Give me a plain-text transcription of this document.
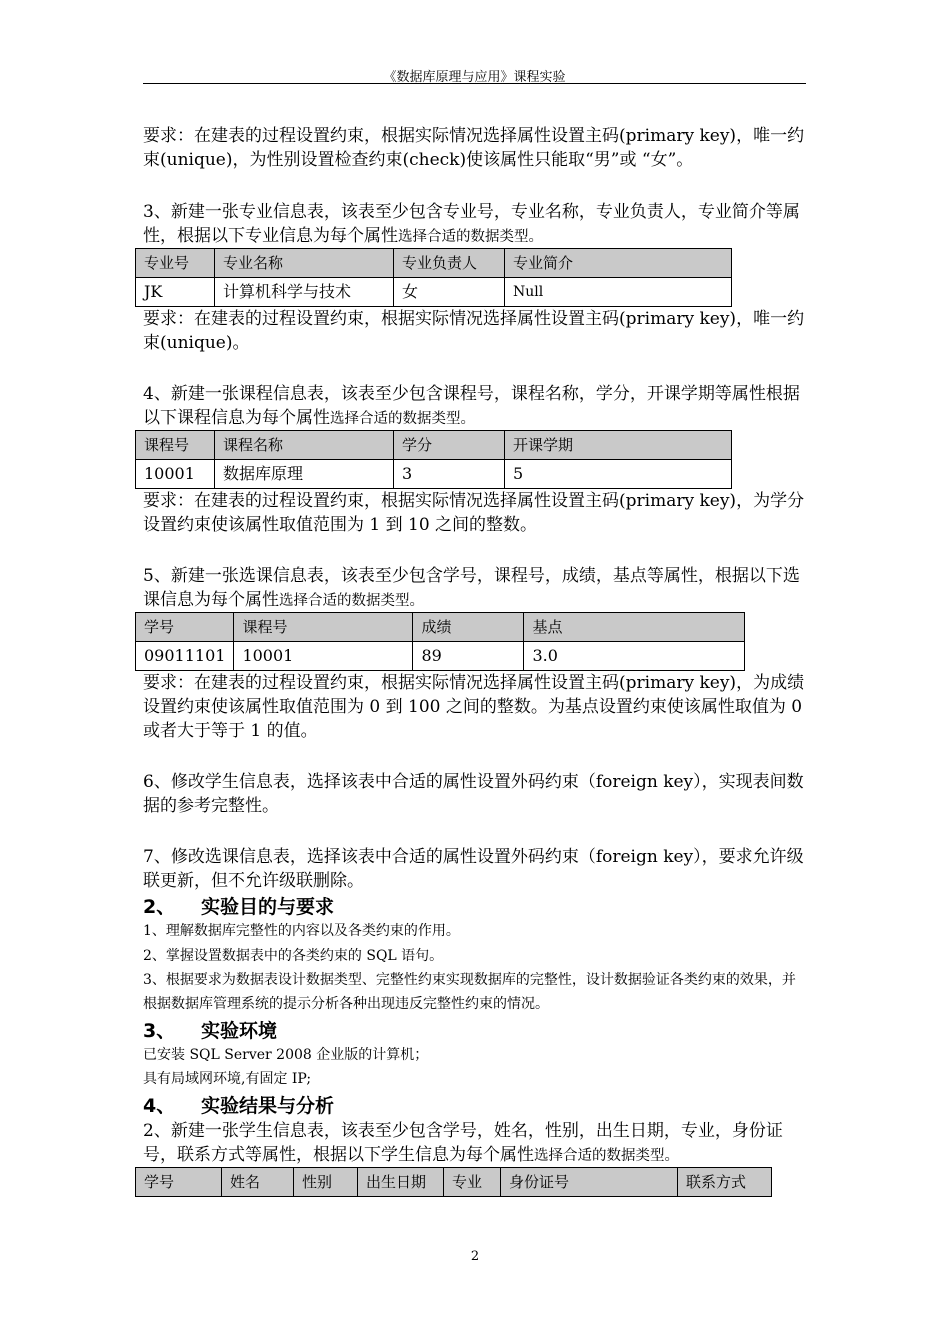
《数据库原理与应用》课程实验

要求：在建表的过程设置约束，根据实际情况选择属性设置主码(primary key)，唯一约束(unique)，为性别设置检查约束(check)使该属性只能取“男”或 “女”。

3、新建一张专业信息表，该表至少包含专业号，专业名称，专业负责人，专业简介等属性，根据以下专业信息为每个属性选择合适的数据类型。

专业号	专业名称	专业负责人	专业简介
JK	计算机科学与技术	女	Null

要求：在建表的过程设置约束，根据实际情况选择属性设置主码(primary key)，唯一约束(unique)。

4、新建一张课程信息表，该表至少包含课程号，课程名称，学分，开课学期等属性根据以下课程信息为每个属性选择合适的数据类型。

课程号	课程名称	学分	开课学期
10001	数据库原理	3	5

要求：在建表的过程设置约束，根据实际情况选择属性设置主码(primary key)，为学分设置约束使该属性取值范围为 1 到 10 之间的整数。

5、新建一张选课信息表，该表至少包含学号，课程号，成绩，基点等属性，根据以下选课信息为每个属性选择合适的数据类型。

学号	课程号	成绩	基点
09011101	10001	89	3.0

要求：在建表的过程设置约束，根据实际情况选择属性设置主码(primary key)，为成绩设置约束使该属性取值范围为 0 到 100 之间的整数。为基点设置约束使该属性取值为 0 或者大于等于 1 的值。

6、修改学生信息表，选择该表中合适的属性设置外码约束（foreign key），实现表间数据的参考完整性。

7、修改选课信息表，选择该表中合适的属性设置外码约束（foreign key），要求允许级联更新，但不允许级联删除。

2、 实验目的与要求

1、理解数据库完整性的内容以及各类约束的作用。

2、掌握设置数据表中的各类约束的 SQL 语句。

3、根据要求为数据表设计数据类型、完整性约束实现数据库的完整性，设计数据验证各类约束的效果，并根据数据库管理系统的提示分析各种出现违反完整性约束的情况。

3、 实验环境

已安装 SQL Server 2008 企业版的计算机；

具有局域网环境,有固定 IP;

4、 实验结果与分析

2、新建一张学生信息表，该表至少包含学号，姓名，性别，出生日期，专业，身份证号，联系方式等属性，根据以下学生信息为每个属性选择合适的数据类型。

学号	姓名	性别	出生日期	专业	身份证号	联系方式
2
